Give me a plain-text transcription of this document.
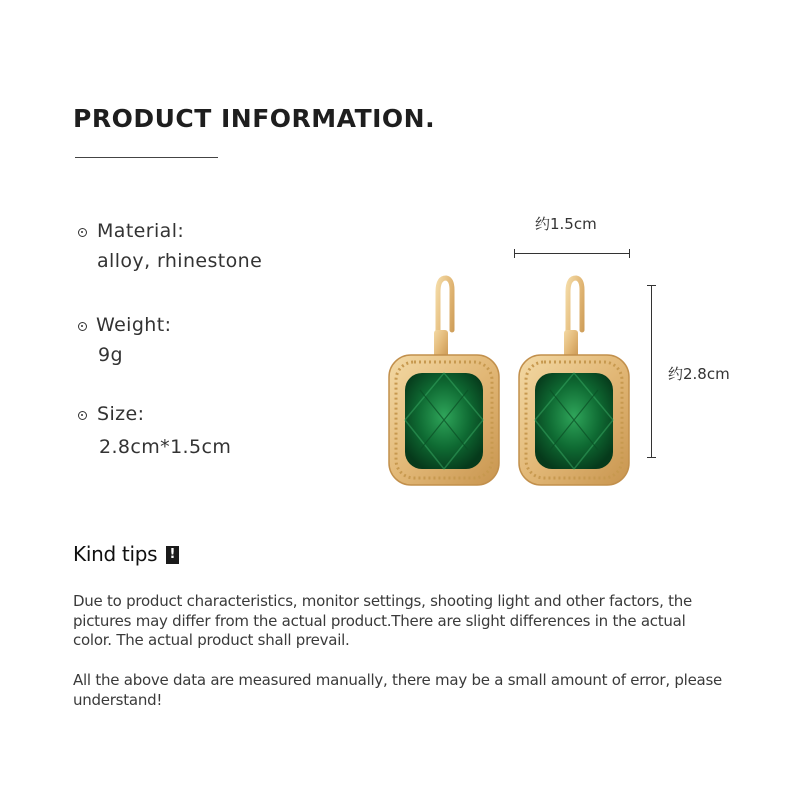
PRODUCT INFORMATION.
Material:
alloy, rhinestone
Weight:
9g
Size:
2.8cm*1.5cm
约1.5cm
约2.8cm
Kind tips !

Due to product characteristics, monitor settings, shooting light and other factors, the pictures may differ from the actual product.There are slight differences in the actual color. The actual product shall prevail.

All the above data are measured manually, there may be a small amount of error, please understand!
